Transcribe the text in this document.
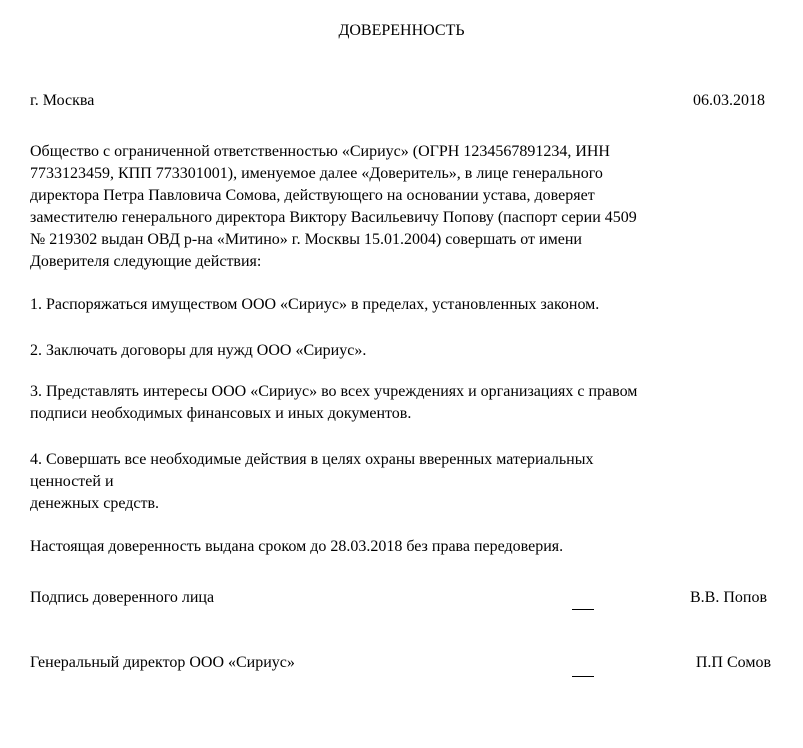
ДОВЕРЕННОСТЬ
г. Москва	06.03.2018
Общество с ограниченной ответственностью «Сириус» (ОГРН 1234567891234, ИНН
7733123459, КПП 773301001), именуемое далее «Доверитель», в лице генерального
директора Петра Павловича Сомова, действующего на основании устава, доверяет
заместителю генерального директора Виктору Васильевичу Попову (паспорт серии 4509
№ 219302 выдан ОВД р-на «Митино» г. Москвы 15.01.2004) совершать от имени
Доверителя следующие действия:
1. Распоряжаться имуществом ООО «Сириус» в пределах, установленных законом.
2. Заключать договоры для нужд ООО «Сириус».
3. Представлять интересы ООО «Сириус» во всех учреждениях и организациях с правом
подписи необходимых финансовых и иных документов.
4. Совершать все необходимые действия в целях охраны вверенных материальных
ценностей и
денежных средств.
Настоящая доверенность выдана сроком до 28.03.2018 без права передоверия.
Подпись доверенного лица	В.В. Попов
Генеральный директор ООО «Сириус»	П.П Сомов
